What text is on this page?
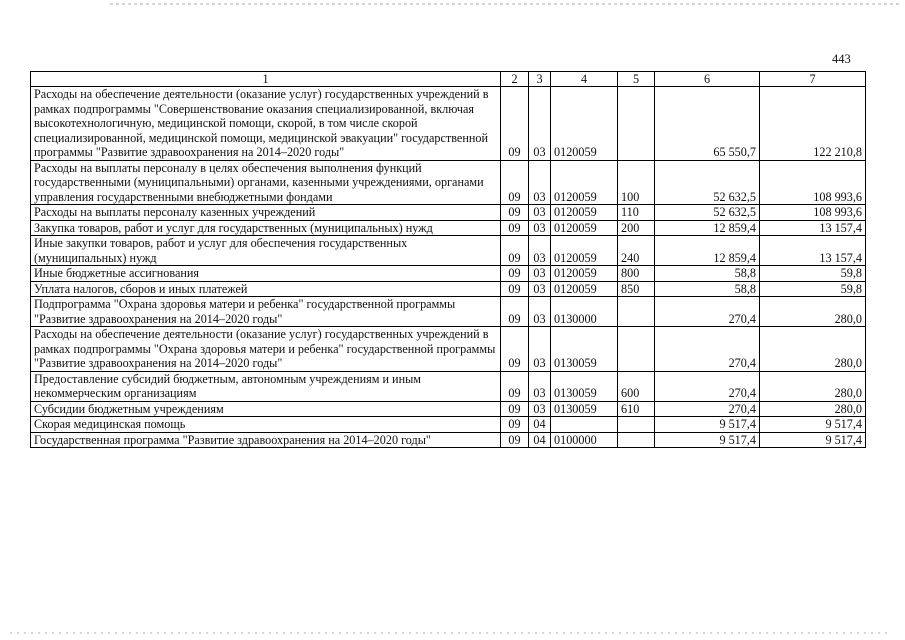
443
1	2	3	4	5	6	7
Расходы на обеспечение деятельности (оказание услуг) государственных учреждений в рамках подпрограммы "Совершенствование оказания специализированной, включая высокотехнологичную, медицинской помощи, скорой, в том числе скорой специализированной, медицинской помощи, медицинской эвакуации" государственной программы "Развитие здравоохранения на 2014–2020 годы"	09	03	0120059		65 550,7	122 210,8
Расходы на выплаты персоналу в целях обеспечения выполнения функций государственными (муниципальными) органами, казенными учреждениями, органами управления государственными внебюджетными фондами	09	03	0120059	100	52 632,5	108 993,6
Расходы на выплаты персоналу казенных учреждений	09	03	0120059	110	52 632,5	108 993,6
Закупка товаров, работ и услуг для государственных (муниципальных) нужд	09	03	0120059	200	12 859,4	13 157,4
Иные закупки товаров, работ и услуг для обеспечения государственных (муниципальных) нужд	09	03	0120059	240	12 859,4	13 157,4
Иные бюджетные ассигнования	09	03	0120059	800	58,8	59,8
Уплата налогов, сборов и иных платежей	09	03	0120059	850	58,8	59,8
Подпрограмма "Охрана здоровья матери и ребенка" государственной программы "Развитие здравоохранения на 2014–2020 годы"	09	03	0130000		270,4	280,0
Расходы на обеспечение деятельности (оказание услуг) государственных учреждений в рамках подпрограммы "Охрана здоровья матери и ребенка" государственной программы "Развитие здравоохранения на 2014–2020 годы"	09	03	0130059		270,4	280,0
Предоставление субсидий бюджетным, автономным учреждениям и иным некоммерческим организациям	09	03	0130059	600	270,4	280,0
Субсидии бюджетным учреждениям	09	03	0130059	610	270,4	280,0
Скорая медицинская помощь	09	04			9 517,4	9 517,4
Государственная программа "Развитие здравоохранения на 2014–2020 годы"	09	04	0100000		9 517,4	9 517,4
